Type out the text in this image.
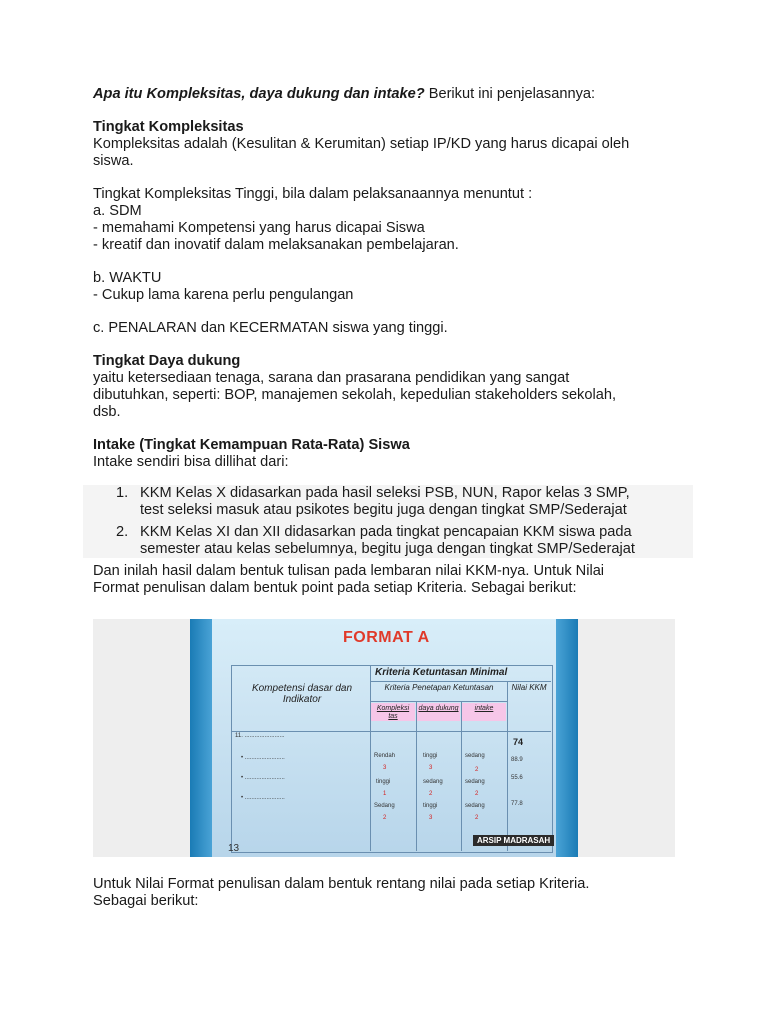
Apa itu Kompleksitas, daya dukung dan intake? Berikut ini penjelasannya:

Tingkat Kompleksitas
Kompleksitas adalah (Kesulitan & Kerumitan) setiap IP/KD yang harus dicapai oleh
siswa.
Tingkat Kompleksitas Tinggi, bila dalam pelaksanaannya menuntut :
a. SDM
- memahami Kompetensi yang harus dicapai Siswa
- kreatif dan inovatif dalam melaksanakan pembelajaran.
b. WAKTU
- Cukup lama karena perlu pengulangan

c. PENALARAN dan KECERMATAN siswa yang tinggi.

Tingkat Daya dukung
yaitu ketersediaan tenaga, sarana dan prasarana pendidikan yang sangat
dibutuhkan, seperti: BOP, manajemen sekolah, kepedulian stakeholders sekolah,
dsb.
Intake (Tingkat Kemampuan Rata-Rata) Siswa
Intake sendiri bisa dillihat dari:
1. KKM Kelas X didasarkan pada hasil seleksi PSB, NUN, Rapor kelas 3 SMP,
test seleksi masuk atau psikotes begitu juga dengan tingkat SMP/Sederajat
2. KKM Kelas XI dan XII didasarkan pada tingkat pencapaian KKM siswa pada
semester atau kelas sebelumnya, begitu juga dengan tingkat SMP/Sederajat
Dan inilah hasil dalam bentuk tulisan pada lembaran nilai KKM-nya. Untuk Nilai
Format penulisan dalam bentuk point pada setiap Kriteria. Sebagai berikut:
FORMAT A
Kriteria Ketuntasan Minimal
Kompetensi dasar dan Indikator
Kriteria Penetapan Ketuntasan	Nilai KKM
Kompleksi tas
daya dukung	intake
74
11. ........................
• ........................
• ........................
• ........................
Rendah
3
tinggi
3
sedang
2
88.9
tinggi
1
sedang
2
sedang
2
55.6
Sedang
2
tinggi
3
sedang
2
77.8
13
ARSIP MADRASAH
Untuk Nilai Format penulisan dalam bentuk rentang nilai pada setiap Kriteria.
Sebagai berikut:
